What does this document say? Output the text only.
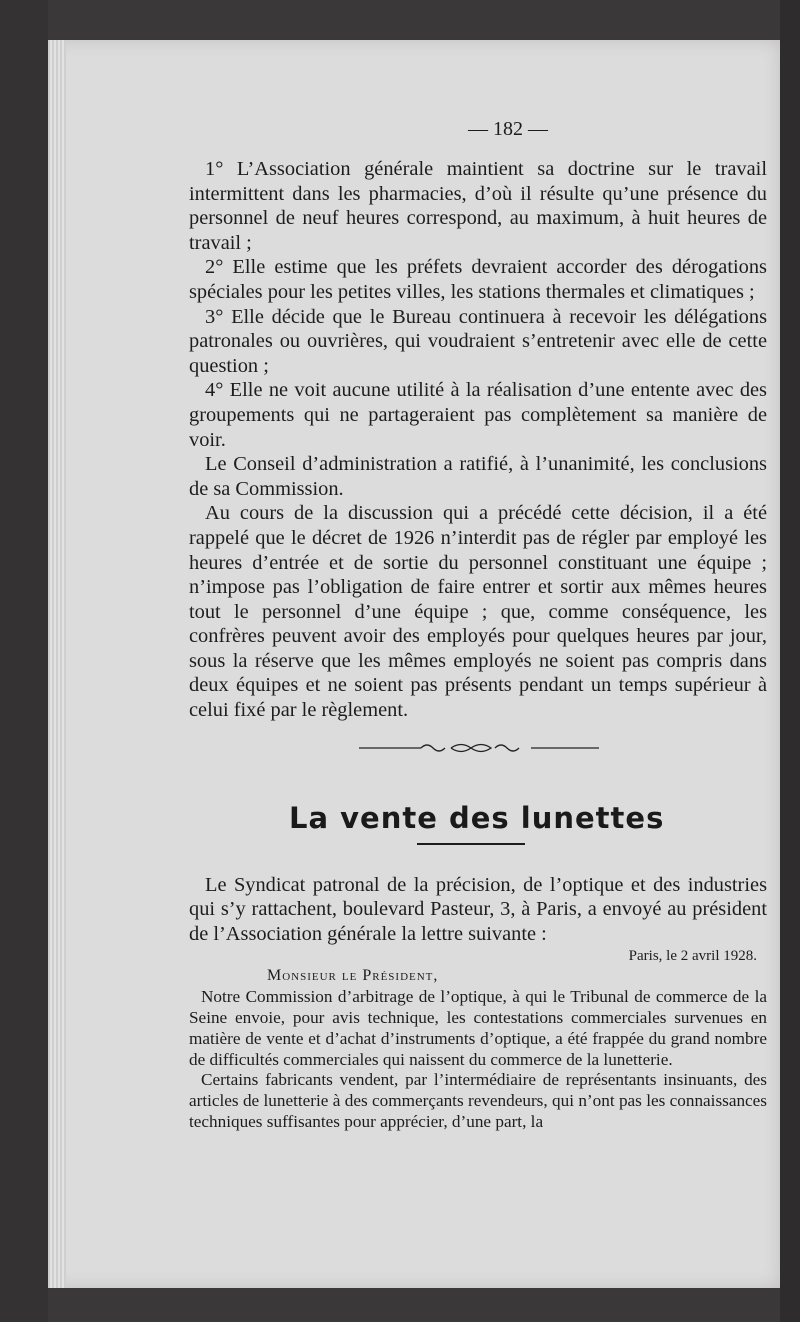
— 182 —

1° L’Association générale maintient sa doctrine sur le travail intermittent dans les pharmacies, d’où il résulte qu’une présence du personnel de neuf heures correspond, au maximum, à huit heures de travail ;

2° Elle estime que les préfets devraient accorder des dérogations spéciales pour les petites villes, les stations thermales et climatiques ;

3° Elle décide que le Bureau continuera à recevoir les délégations patronales ou ouvrières, qui voudraient s’entretenir avec elle de cette question ;

4° Elle ne voit aucune utilité à la réalisation d’une entente avec des groupements qui ne partageraient pas complètement sa manière de voir.

Le Conseil d’administration a ratifié, à l’unanimité, les conclusions de sa Commission.

Au cours de la discussion qui a précédé cette décision, il a été rappelé que le décret de 1926 n’interdit pas de régler par employé les heures d’entrée et de sortie du personnel constituant une équipe ; n’impose pas l’obligation de faire entrer et sortir aux mêmes heures tout le personnel d’une équipe ; que, comme conséquence, les confrères peuvent avoir des employés pour quelques heures par jour, sous la réserve que les mêmes employés ne soient pas compris dans deux équipes et ne soient pas présents pendant un temps supérieur à celui fixé par le règlement.

La vente des lunettes

Le Syndicat patronal de la précision, de l’optique et des industries qui s’y rattachent, boulevard Pasteur, 3, à Paris, a envoyé au président de l’Association générale la lettre suivante :

Paris, le 2 avril 1928.
Monsieur le Président,

Notre Commission d’arbitrage de l’optique, à qui le Tribunal de commerce de la Seine envoie, pour avis technique, les contestations commerciales survenues en matière de vente et d’achat d’instruments d’optique, a été frappée du grand nombre de difficultés commerciales qui naissent du commerce de la lunetterie.

Certains fabricants vendent, par l’intermédiaire de représentants insinuants, des articles de lunetterie à des commerçants revendeurs, qui n’ont pas les connaissances techniques suffisantes pour apprécier, d’une part, la
